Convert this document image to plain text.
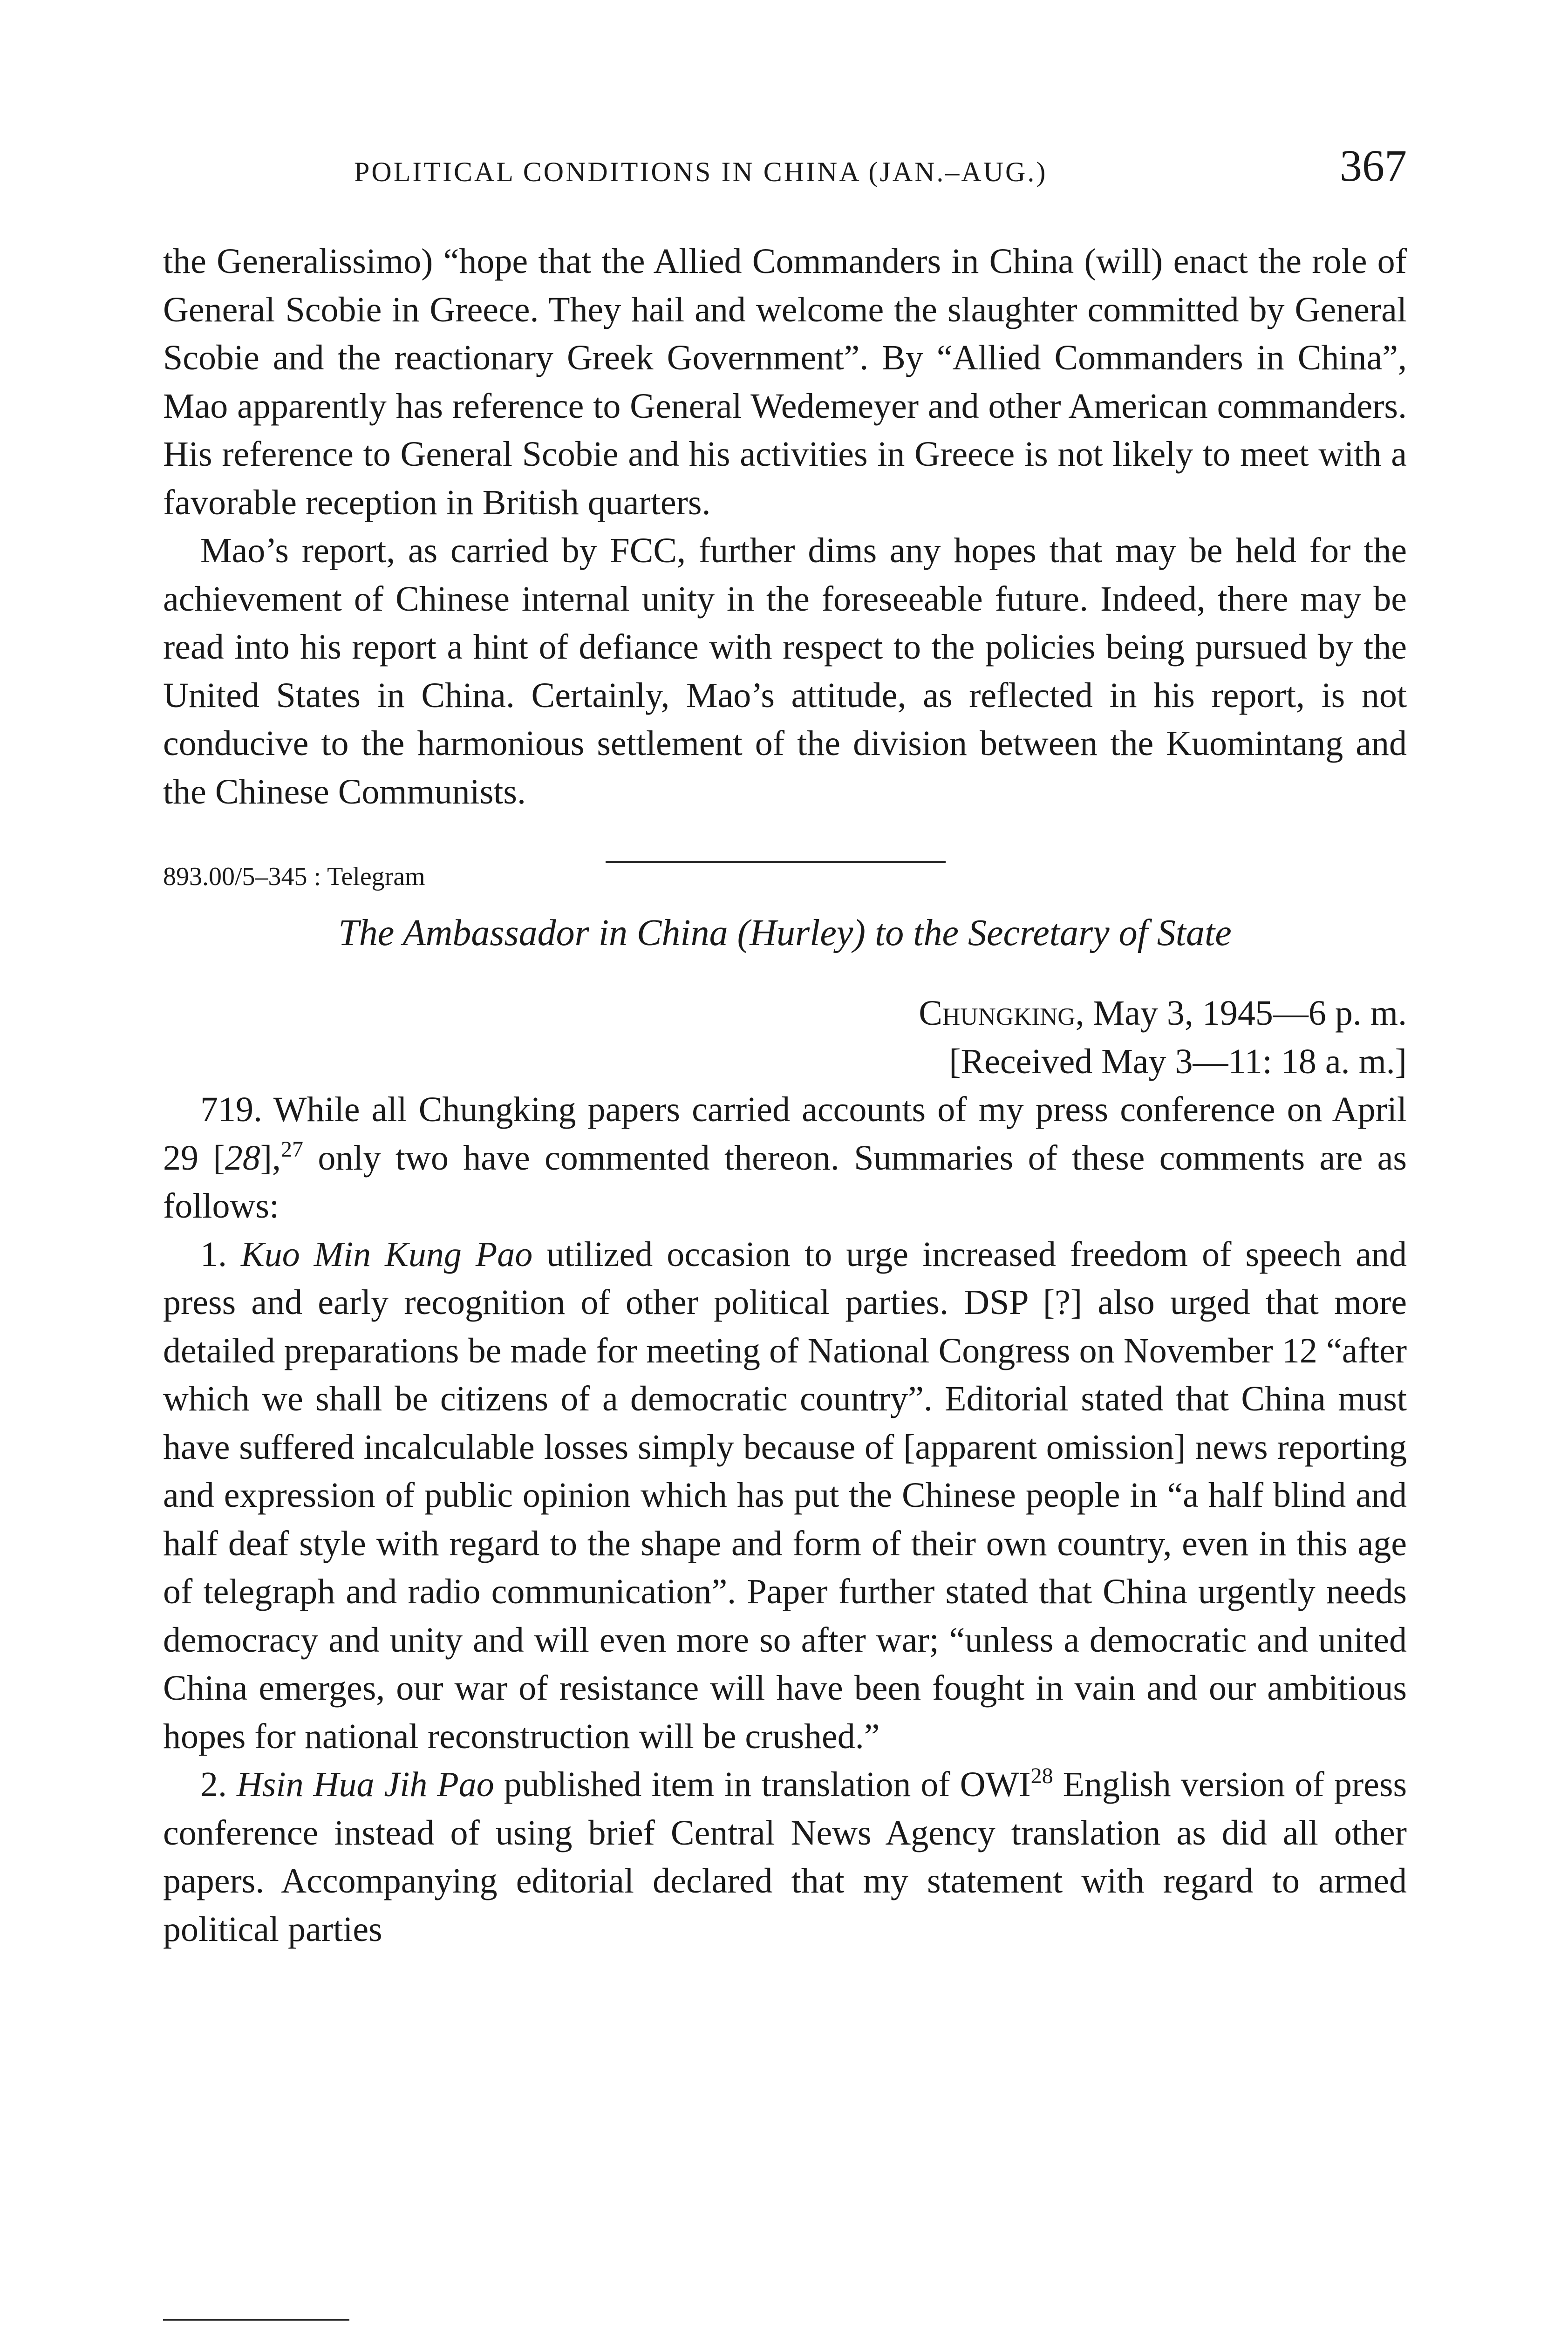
POLITICAL CONDITIONS IN CHINA (JAN.–AUG.)	367

the Generalissimo) “hope that the Allied Commanders in China (will) enact the role of General Scobie in Greece. They hail and welcome the slaughter committed by General Scobie and the reactionary Greek Government”. By “Allied Commanders in China”, Mao apparently has reference to General Wedemeyer and other American commanders. His reference to General Scobie and his activities in Greece is not likely to meet with a favorable reception in British quarters.

Mao’s report, as carried by FCC, further dims any hopes that may be held for the achievement of Chinese internal unity in the foreseeable future. Indeed, there may be read into his report a hint of defiance with respect to the policies being pursued by the United States in China. Certainly, Mao’s attitude, as reflected in his report, is not conducive to the harmonious settlement of the division between the Kuomintang and the Chinese Communists.

893.00/5–345 : Telegram

The Ambassador in China (Hurley) to the Secretary of State

Chungking, May 3, 1945—6 p. m.
[Received May 3—11: 18 a. m.]

719. While all Chungking papers carried accounts of my press conference on April 29 [28],$^{27}$ only two have commented thereon. Summaries of these comments are as follows:

1. Kuo Min Kung Pao utilized occasion to urge increased freedom of speech and press and early recognition of other political parties. DSP [?] also urged that more detailed preparations be made for meeting of National Congress on November 12 “after which we shall be citizens of a democratic country”. Editorial stated that China must have suffered incalculable losses simply because of [apparent omission] news reporting and expression of public opinion which has put the Chinese people in “a half blind and half deaf style with regard to the shape and form of their own country, even in this age of telegraph and radio communication”. Paper further stated that China urgently needs democracy and unity and will even more so after war; “unless a democratic and united China emerges, our war of resistance will have been fought in vain and our ambitious hopes for national reconstruction will be crushed.”

2. Hsin Hua Jih Pao published item in translation of OWI$^{28}$ English version of press conference instead of using brief Central News Agency translation as did all other papers. Accompanying editorial declared that my statement with regard to armed political parties
